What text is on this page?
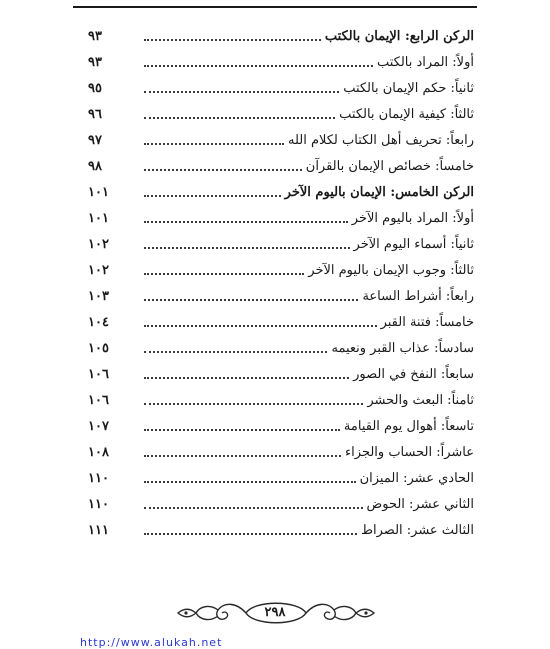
الركن الرابع: الإيمان بالكتب
٩٣
أولاً: المراد بالكتب
٩٣
ثانياً: حكم الإيمان بالكتب
٩٥
ثالثاً: كيفية الإيمان بالكتب
٩٦
رابعاً: تحريف أهل الكتاب لكلام الله
٩٧
خامساً: خصائص الإيمان بالقرآن
٩٨
الركن الخامس: الإيمان باليوم الآخر
١٠١
أولاً: المراد باليوم الآخر
١٠١
ثانياً: أسماء اليوم الآخر
١٠٢
ثالثاً: وجوب الإيمان باليوم الآخر
١٠٢
رابعاً: أشراط الساعة
١٠٣
خامساً: فتنة القبر
١٠٤
سادساً: عذاب القبر ونعيمه
١٠٥
سابعاً: النفخ في الصور
١٠٦
ثامناً: البعث والحشر
١٠٦
تاسعاً: أهوال يوم القيامة
١٠٧
عاشراً: الحساب والجزاء
١٠٨
الحادي عشر: الميزان
١١٠
الثاني عشر: الحوض
١١٠
الثالث عشر: الصراط
١١١
٢٩٨
http://www.alukah.net
